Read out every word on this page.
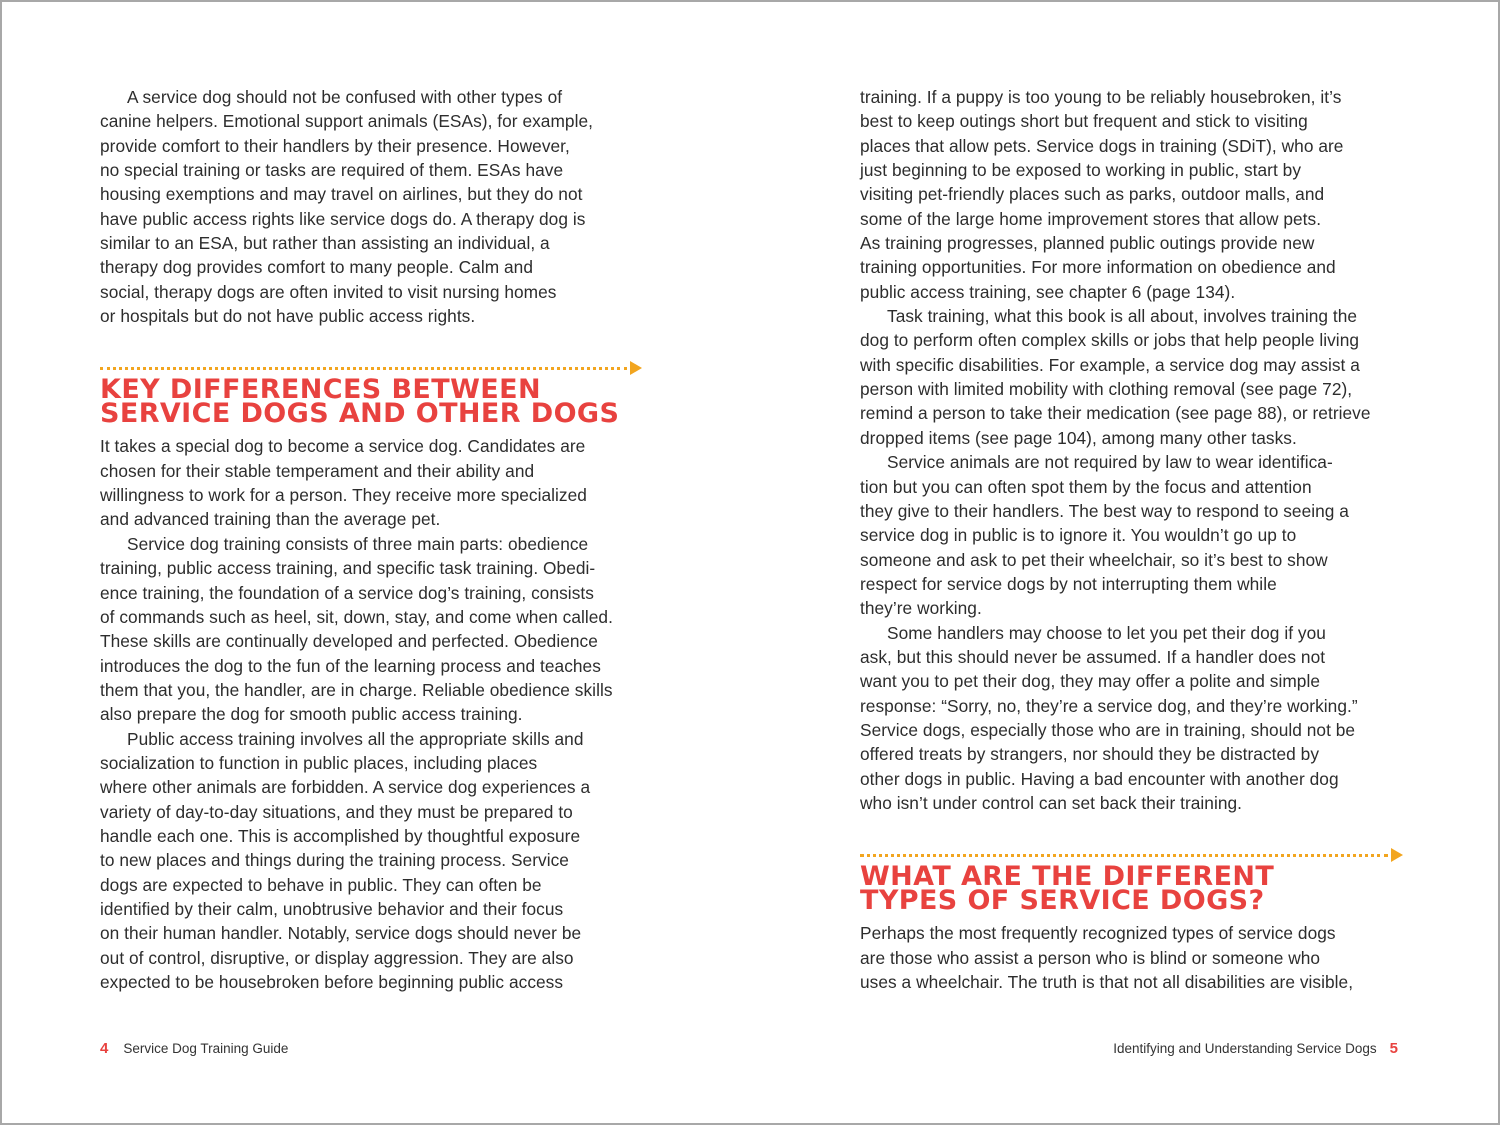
A service dog should not be confused with other types of
canine helpers. Emotional support animals (ESAs), for example,
provide comfort to their handlers by their presence. However,
no special training or tasks are required of them. ESAs have
housing exemptions and may travel on airlines, but they do not
have public access rights like service dogs do. A therapy dog is
similar to an ESA, but rather than assisting an individual, a
therapy dog provides comfort to many people. Calm and
social, therapy dogs are often invited to visit nursing homes
or hospitals but do not have public access rights.
KEY DIFFERENCES BETWEEN
SERVICE DOGS AND OTHER DOGS
It takes a special dog to become a service dog. Candidates are
chosen for their stable temperament and their ability and
willingness to work for a person. They receive more specialized
and advanced training than the average pet.
Service dog training consists of three main parts: obedience
training, public access training, and specific task training. Obedi-
ence training, the foundation of a service dog’s training, consists
of commands such as heel, sit, down, stay, and come when called.
These skills are continually developed and perfected. Obedience
introduces the dog to the fun of the learning process and teaches
them that you, the handler, are in charge. Reliable obedience skills
also prepare the dog for smooth public access training.
Public access training involves all the appropriate skills and
socialization to function in public places, including places
where other animals are forbidden. A service dog experiences a
variety of day-to-day situations, and they must be prepared to
handle each one. This is accomplished by thoughtful exposure
to new places and things during the training process. Service
dogs are expected to behave in public. They can often be
identified by their calm, unobtrusive behavior and their focus
on their human handler. Notably, service dogs should never be
out of control, disruptive, or display aggression. They are also
expected to be housebroken before beginning public access
training. If a puppy is too young to be reliably housebroken, it’s
best to keep outings short but frequent and stick to visiting
places that allow pets. Service dogs in training (SDiT), who are
just beginning to be exposed to working in public, start by
visiting pet-friendly places such as parks, outdoor malls, and
some of the large home improvement stores that allow pets.
As training progresses, planned public outings provide new
training opportunities. For more information on obedience and
public access training, see chapter 6 (page 134).
Task training, what this book is all about, involves training the
dog to perform often complex skills or jobs that help people living
with specific disabilities. For example, a service dog may assist a
person with limited mobility with clothing removal (see page 72),
remind a person to take their medication (see page 88), or retrieve
dropped items (see page 104), among many other tasks.
Service animals are not required by law to wear identifica-
tion but you can often spot them by the focus and attention
they give to their handlers. The best way to respond to seeing a
service dog in public is to ignore it. You wouldn’t go up to
someone and ask to pet their wheelchair, so it’s best to show
respect for service dogs by not interrupting them while
they’re working.
Some handlers may choose to let you pet their dog if you
ask, but this should never be assumed. If a handler does not
want you to pet their dog, they may offer a polite and simple
response: “Sorry, no, they’re a service dog, and they’re working.”
Service dogs, especially those who are in training, should not be
offered treats by strangers, nor should they be distracted by
other dogs in public. Having a bad encounter with another dog
who isn’t under control can set back their training.
WHAT ARE THE DIFFERENT
TYPES OF SERVICE DOGS?
Perhaps the most frequently recognized types of service dogs
are those who assist a person who is blind or someone who
uses a wheelchair. The truth is that not all disabilities are visible,
4 Service Dog Training Guide	Identifying and Understanding Service Dogs 5
